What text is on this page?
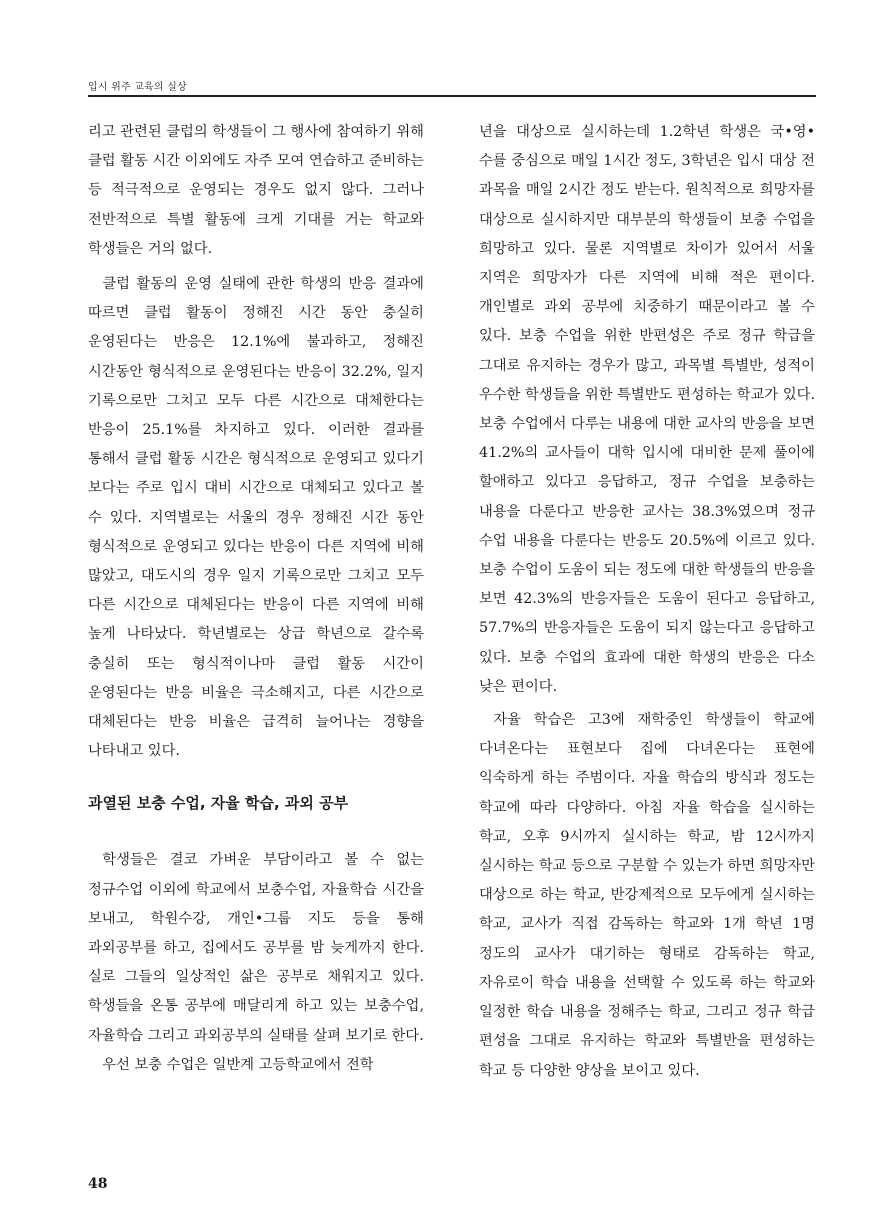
입시 위주 교육의 실상

리고 관련된 클럽의 학생들이 그 행사에 참여하기 위해 클럽 활동 시간 이외에도 자주 모여 연습하고 준비하는 등 적극적으로 운영되는 경우도 없지 않다. 그러나 전반적으로 특별 활동에 크게 기대를 거는 학교와 학생들은 거의 없다.

클럽 활동의 운영 실태에 관한 학생의 반응 결과에 따르면 클럽 활동이 정해진 시간 동안 충실히 운영된다는 반응은 12.1%에 불과하고, 정해진 시간동안 형식적으로 운영된다는 반응이 32.2%, 일지 기록으로만 그치고 모두 다른 시간으로 대체한다는 반응이 25.1%를 차지하고 있다. 이러한 결과를 통해서 클럽 활동 시간은 형식적으로 운영되고 있다기 보다는 주로 입시 대비 시간으로 대체되고 있다고 볼 수 있다. 지역별로는 서울의 경우 정해진 시간 동안 형식적으로 운영되고 있다는 반응이 다른 지역에 비해 많았고, 대도시의 경우 일지 기록으로만 그치고 모두 다른 시간으로 대체된다는 반응이 다른 지역에 비해 높게 나타났다. 학년별로는 상급 학년으로 갈수록 충실히 또는 형식적이나마 클럽 활동 시간이 운영된다는 반응 비율은 극소해지고, 다른 시간으로 대체된다는 반응 비율은 급격히 늘어나는 경향을 나타내고 있다.

과열된 보충 수업, 자율 학습, 과외 공부

학생들은 결코 가벼운 부담이라고 볼 수 없는 정규수업 이외에 학교에서 보충수업, 자율학습 시간을 보내고, 학원수강, 개인•그룹 지도 등을 통해 과외공부를 하고, 집에서도 공부를 밤 늦게까지 한다. 실로 그들의 일상적인 삶은 공부로 채워지고 있다. 학생들을 온통 공부에 매달리게 하고 있는 보충수업, 자율학습 그리고 과외공부의 실태를 살펴 보기로 한다.

우선 보충 수업은 일반계 고등학교에서 전학

년을 대상으로 실시하는데 1.2학년 학생은 국•영•수를 중심으로 매일 1시간 정도, 3학년은 입시 대상 전 과목을 매일 2시간 정도 받는다. 원칙적으로 희망자를 대상으로 실시하지만 대부분의 학생들이 보충 수업을 희망하고 있다. 물론 지역별로 차이가 있어서 서울 지역은 희망자가 다른 지역에 비해 적은 편이다. 개인별로 과외 공부에 치중하기 때문이라고 볼 수 있다. 보충 수업을 위한 반편성은 주로 정규 학급을 그대로 유지하는 경우가 많고, 과목별 특별반, 성적이 우수한 학생들을 위한 특별반도 편성하는 학교가 있다. 보충 수업에서 다루는 내용에 대한 교사의 반응을 보면 41.2%의 교사들이 대학 입시에 대비한 문제 풀이에 할애하고 있다고 응답하고, 정규 수업을 보충하는 내용을 다룬다고 반응한 교사는 38.3%였으며 정규 수업 내용을 다룬다는 반응도 20.5%에 이르고 있다. 보충 수업이 도움이 되는 정도에 대한 학생들의 반응을 보면 42.3%의 반응자들은 도움이 된다고 응답하고, 57.7%의 반응자들은 도움이 되지 않는다고 응답하고 있다. 보충 수업의 효과에 대한 학생의 반응은 다소 낮은 편이다.

자율 학습은 고3에 재학중인 학생들이 학교에 다녀온다는 표현보다 집에 다녀온다는 표현에 익숙하게 하는 주범이다. 자율 학습의 방식과 정도는 학교에 따라 다양하다. 아침 자율 학습을 실시하는 학교, 오후 9시까지 실시하는 학교, 밤 12시까지 실시하는 학교 등으로 구분할 수 있는가 하면 희망자만 대상으로 하는 학교, 반강제적으로 모두에게 실시하는 학교, 교사가 직접 감독하는 학교와 1개 학년 1명 정도의 교사가 대기하는 형태로 감독하는 학교, 자유로이 학습 내용을 선택할 수 있도록 하는 학교와 일정한 학습 내용을 정해주는 학교, 그리고 정규 학급 편성을 그대로 유지하는 학교와 특별반을 편성하는 학교 등 다양한 양상을 보이고 있다.

48
